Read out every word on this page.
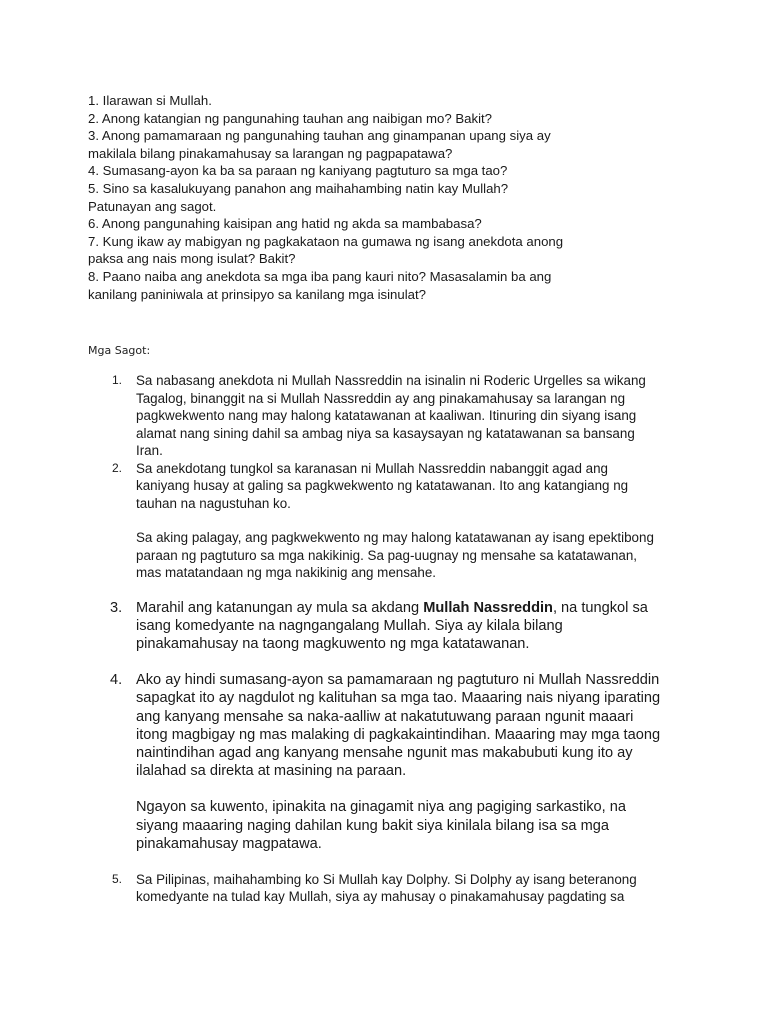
1. Ilarawan si Mullah.
2. Anong katangian ng pangunahing tauhan ang naibigan mo? Bakit?
3. Anong pamamaraan ng pangunahing tauhan ang ginampanan upang siya ay
makilala bilang pinakamahusay sa larangan ng pagpapatawa?
4. Sumasang-ayon ka ba sa paraan ng kaniyang pagtuturo sa mga tao?
5. Sino sa kasalukuyang panahon ang maihahambing natin kay Mullah?
Patunayan ang sagot.
6. Anong pangunahing kaisipan ang hatid ng akda sa mambabasa?
7. Kung ikaw ay mabigyan ng pagkakataon na gumawa ng isang anekdota anong
paksa ang nais mong isulat? Bakit?
8. Paano naiba ang anekdota sa mga iba pang kauri nito? Masasalamin ba ang
kanilang paniniwala at prinsipyo sa kanilang mga isinulat?
Mga Sagot:
1. Sa nabasang anekdota ni Mullah Nassreddin na isinalin ni Roderic Urgelles sa wikang

Tagalog, binanggit na si Mullah Nassreddin ay ang pinakamahusay sa larangan ng

pagkwekwento nang may halong katatawanan at kaaliwan. Itinuring din siyang isang

alamat nang sining dahil sa ambag niya sa kasaysayan ng katatawanan sa bansang

Iran.

2. Sa anekdotang tungkol sa karanasan ni Mullah Nassreddin nabanggit agad ang

kaniyang husay at galing sa pagkwekwento ng katatawanan. Ito ang katangiang ng

tauhan na nagustuhan ko.

Sa aking palagay, ang pagkwekwento ng may halong katatawanan ay isang epektibong

paraan ng pagtuturo sa mga nakikinig. Sa pag-uugnay ng mensahe sa katatawanan,

mas matatandaan ng mga nakikinig ang mensahe.

3. Marahil ang katanungan ay mula sa akdang Mullah Nassreddin, na tungkol sa

isang komedyante na nagngangalang Mullah. Siya ay kilala bilang

pinakamahusay na taong magkuwento ng mga katatawanan.

4. Ako ay hindi sumasang-ayon sa pamamaraan ng pagtuturo ni Mullah Nassreddin

sapagkat ito ay nagdulot ng kalituhan sa mga tao. Maaaring nais niyang iparating

ang kanyang mensahe sa naka-aalliw at nakatutuwang paraan ngunit maaari

itong magbigay ng mas malaking di pagkakaintindihan. Maaaring may mga taong

naintindihan agad ang kanyang mensahe ngunit mas makabubuti kung ito ay

ilalahad sa direkta at masining na paraan.

Ngayon sa kuwento, ipinakita na ginagamit niya ang pagiging sarkastiko, na

siyang maaaring naging dahilan kung bakit siya kinilala bilang isa sa mga

pinakamahusay magpatawa.

5. Sa Pilipinas, maihahambing ko Si Mullah kay Dolphy. Si Dolphy ay isang beteranong

komedyante na tulad kay Mullah, siya ay mahusay o pinakamahusay pagdating sa
